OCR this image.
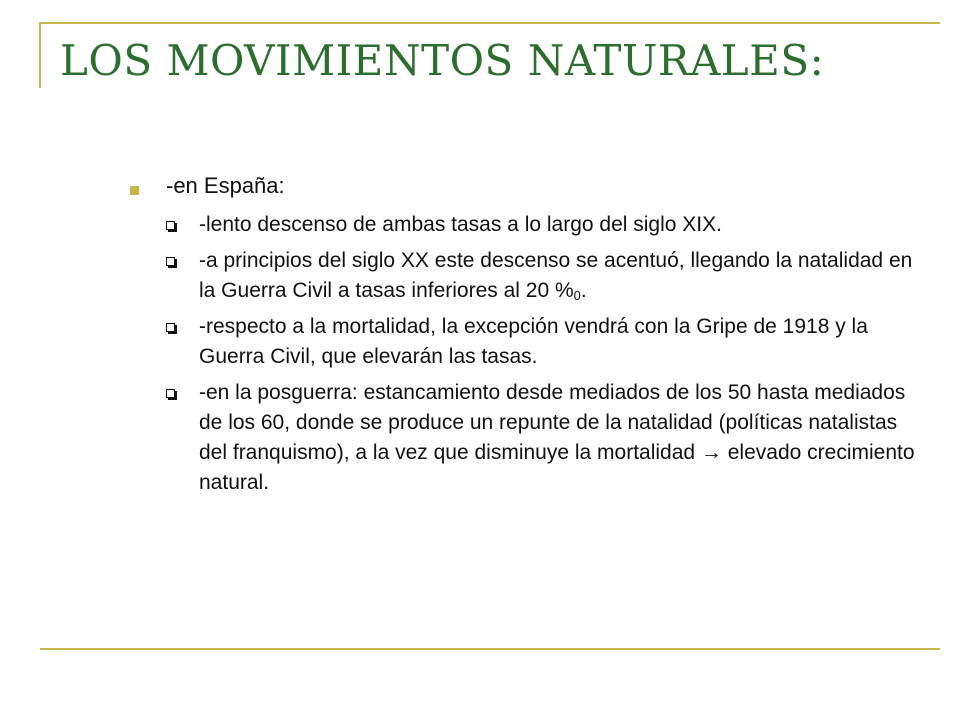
LOS MOVIMIENTOS NATURALES:
-en España:
-lento descenso de ambas tasas a lo largo del siglo XIX.
-a principios del siglo XX este descenso se acentuó, llegando la natalidad en la Guerra Civil a tasas inferiores al 20 $\%_0$.
-respecto a la mortalidad, la excepción vendrá con la Gripe de 1918 y la Guerra Civil, que elevarán las tasas.
-en la posguerra: estancamiento desde mediados de los 50 hasta mediados de los 60, donde se produce un repunte de la natalidad (políticas natalistas del franquismo), a la vez que disminuye la mortalidad → elevado crecimiento natural.
